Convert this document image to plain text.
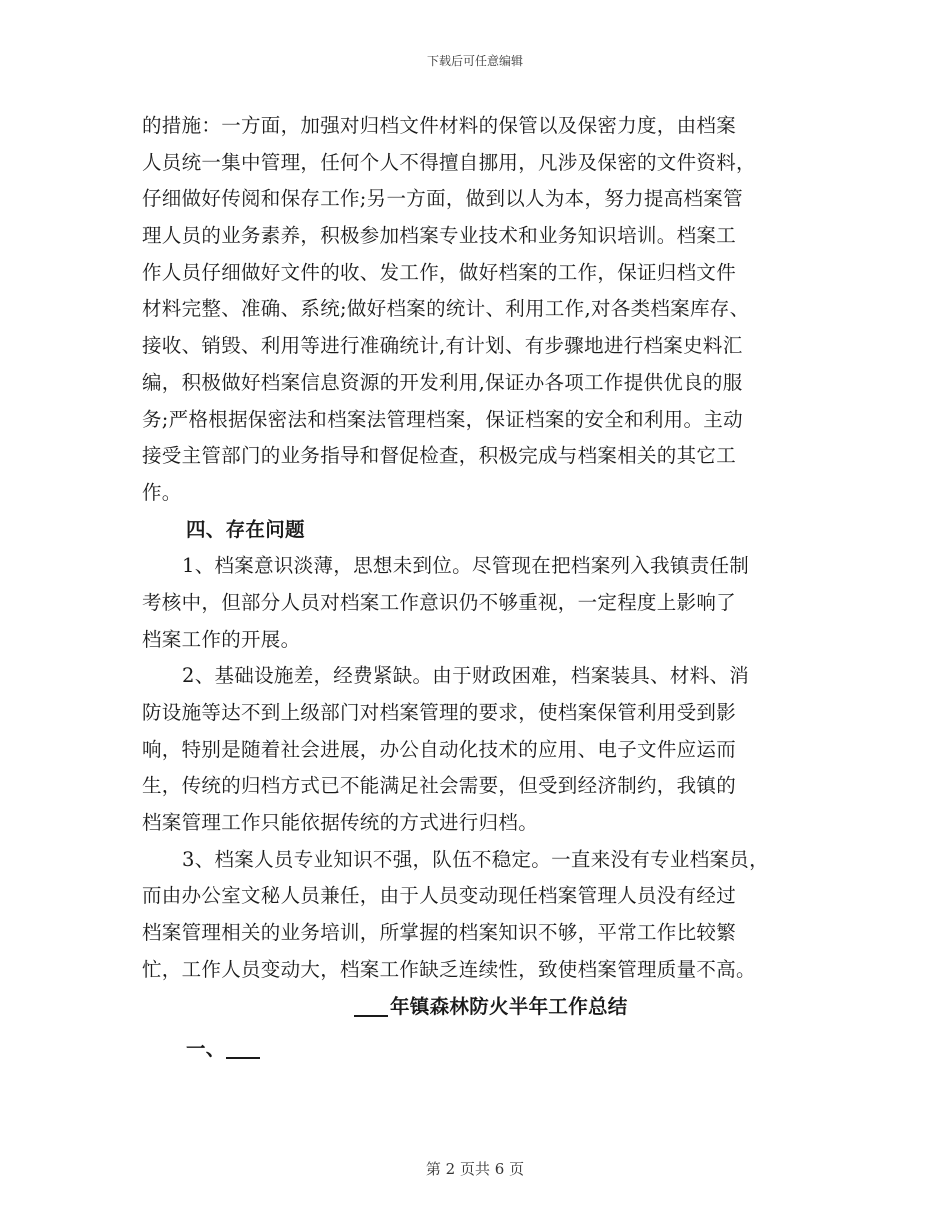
下载后可任意编辑
的措施：一方面，加强对归档文件材料的保管以及保密力度，由档案
人员统一集中管理，任何个人不得擅自挪用，凡涉及保密的文件资料，
仔细做好传阅和保存工作;另一方面，做到以人为本，努力提高档案管
理人员的业务素养，积极参加档案专业技术和业务知识培训。档案工
作人员仔细做好文件的收、发工作，做好档案的工作，保证归档文件
材料完整、准确、系统;做好档案的统计、利用工作,对各类档案库存、
接收、销毁、利用等进行准确统计,有计划、有步骤地进行档案史料汇
编，积极做好档案信息资源的开发利用,保证办各项工作提供优良的服
务;严格根据保密法和档案法管理档案，保证档案的安全和利用。主动
接受主管部门的业务指导和督促检查，积极完成与档案相关的其它工
作。
四、存在问题
1、档案意识淡薄，思想未到位。尽管现在把档案列入我镇责任制
考核中，但部分人员对档案工作意识仍不够重视，一定程度上影响了
档案工作的开展。
2、基础设施差，经费紧缺。由于财政困难，档案装具、材料、消
防设施等达不到上级部门对档案管理的要求，使档案保管利用受到影
响，特别是随着社会进展，办公自动化技术的应用、电子文件应运而
生，传统的归档方式已不能满足社会需要，但受到经济制约，我镇的
档案管理工作只能依据传统的方式进行归档。
3、档案人员专业知识不强，队伍不稳定。一直来没有专业档案员，
而由办公室文秘人员兼任，由于人员变动现任档案管理人员没有经过
档案管理相关的业务培训，所掌握的档案知识不够，平常工作比较繁
忙，工作人员变动大，档案工作缺乏连续性，致使档案管理质量不高。
年镇森林防火半年工作总结
一、
第 2 页共 6 页
